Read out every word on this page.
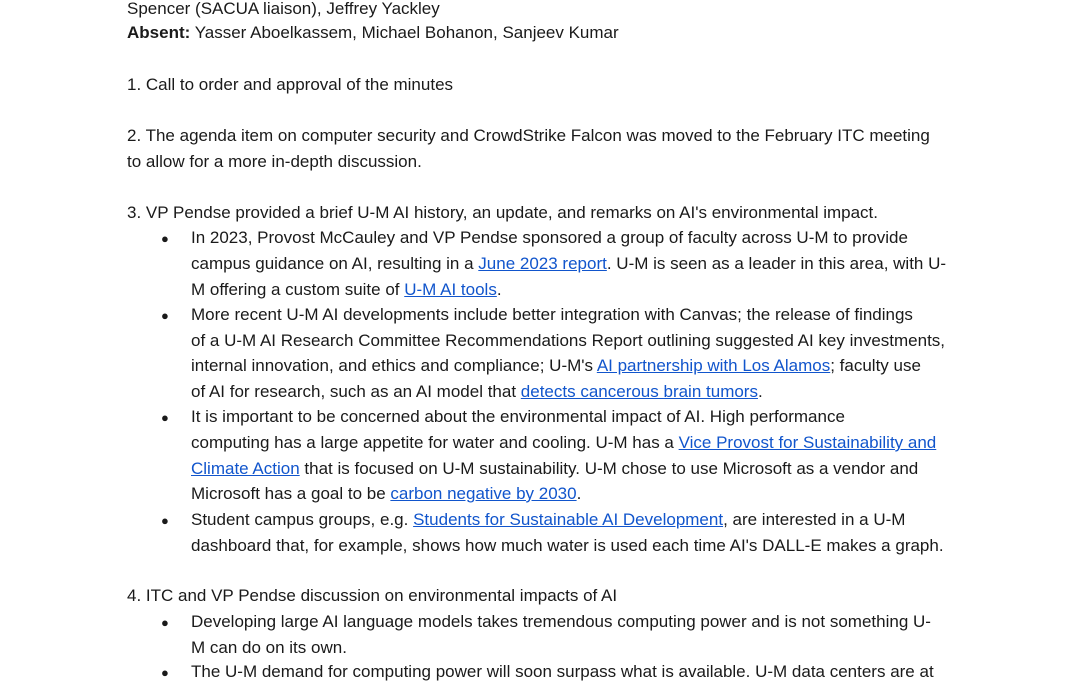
Spencer (SACUA liaison), Jeffrey Yackley
Absent: Yasser Aboelkassem, Michael Bohanon, Sanjeev Kumar
1. Call to order and approval of the minutes
2. The agenda item on computer security and CrowdStrike Falcon was moved to the February ITC meeting
to allow for a more in-depth discussion.
3. VP Pendse provided a brief U-M AI history, an update, and remarks on AI's environmental impact.
● In 2023, Provost McCauley and VP Pendse sponsored a group of faculty across U-M to provide
campus guidance on AI, resulting in a June 2023 report. U-M is seen as a leader in this area, with U-
M offering a custom suite of U-M AI tools.
● More recent U-M AI developments include better integration with Canvas; the release of findings
of a U-M AI Research Committee Recommendations Report outlining suggested AI key investments,
internal innovation, and ethics and compliance; U-M's AI partnership with Los Alamos; faculty use
of AI for research, such as an AI model that detects cancerous brain tumors.
● It is important to be concerned about the environmental impact of AI. High performance
computing has a large appetite for water and cooling. U-M has a Vice Provost for Sustainability and
Climate Action that is focused on U-M sustainability. U-M chose to use Microsoft as a vendor and
Microsoft has a goal to be carbon negative by 2030.
● Student campus groups, e.g. Students for Sustainable AI Development, are interested in a U-M
dashboard that, for example, shows how much water is used each time AI's DALL-E makes a graph.
4. ITC and VP Pendse discussion on environmental impacts of AI
● Developing large AI language models takes tremendous computing power and is not something U-
M can do on its own.
● The U-M demand for computing power will soon surpass what is available. U-M data centers are at
